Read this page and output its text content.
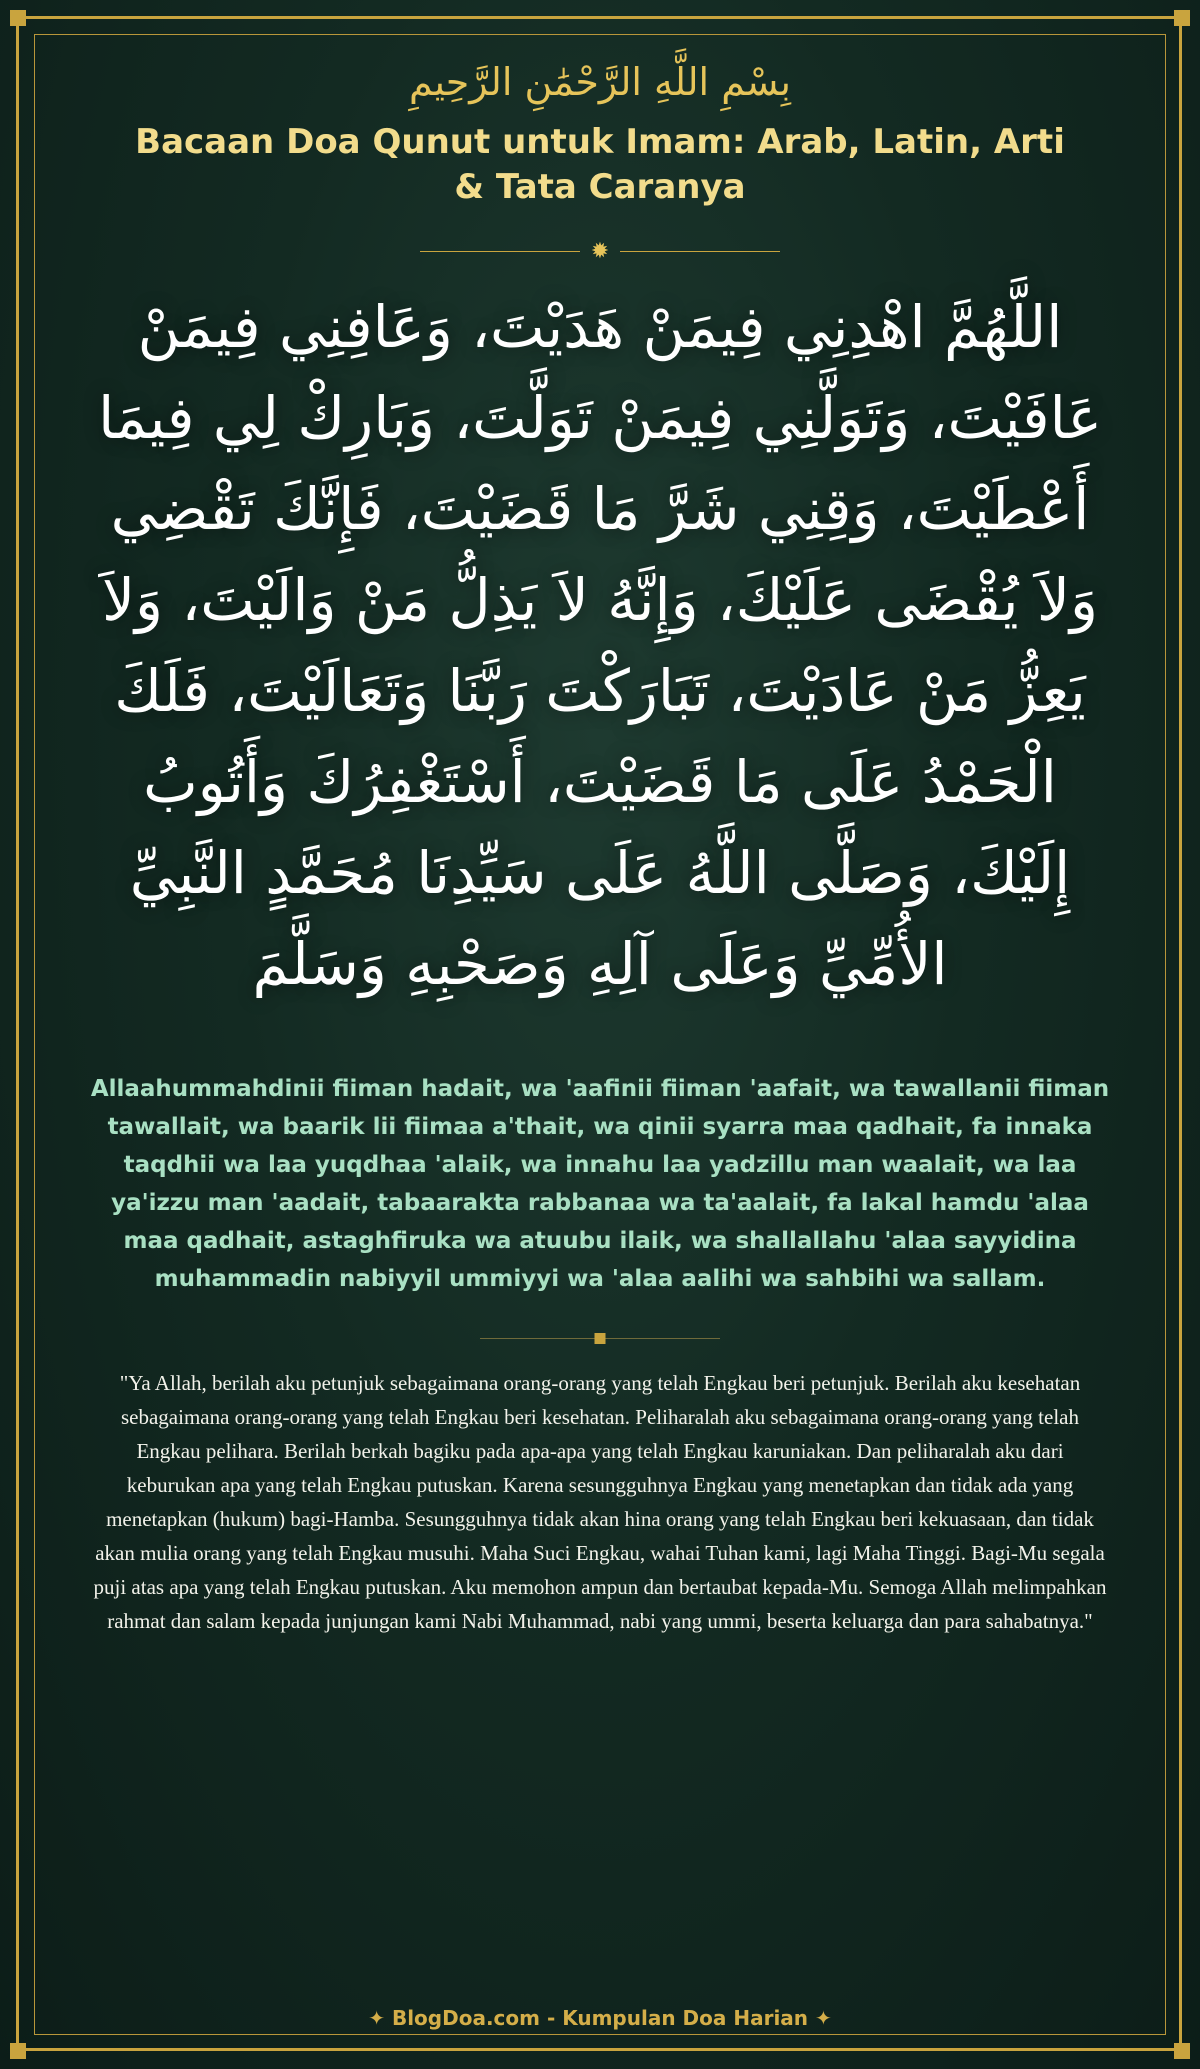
بِسْمِ اللَّهِ الرَّحْمَٰنِ الرَّحِيمِ

Bacaan Doa Qunut untuk Imam: Arab, Latin, Arti & Tata Caranya
✹
اللَّهُمَّ اهْدِنِي فِيمَنْ هَدَيْتَ، وَعَافِنِي فِيمَنْ عَافَيْتَ، وَتَوَلَّنِي فِيمَنْ تَوَلَّتَ، وَبَارِكْ لِي فِيمَا أَعْطَيْتَ، وَقِنِي شَرَّ مَا قَضَيْتَ، فَإِنَّكَ تَقْضِي وَلاَ يُقْضَى عَلَيْكَ، وَإِنَّهُ لاَ يَذِلُّ مَنْ وَالَيْتَ، وَلاَ يَعِزُّ مَنْ عَادَيْتَ، تَبَارَكْتَ رَبَّنَا وَتَعَالَيْتَ، فَلَكَ الْحَمْدُ عَلَى مَا قَضَيْتَ، أَسْتَغْفِرُكَ وَأَتُوبُ إِلَيْكَ، وَصَلَّى اللَّهُ عَلَى سَيِّدِنَا مُحَمَّدٍ النَّبِيِّ الأُمِّيِّ وَعَلَى آلِهِ وَصَحْبِهِ وَسَلَّمَ
Allaahummahdinii fiiman hadait, wa 'aafinii fiiman 'aafait, wa tawallanii fiiman tawallait, wa baarik lii fiimaa a'thait, wa qinii syarra maa qadhait, fa innaka taqdhii wa laa yuqdhaa 'alaik, wa innahu laa yadzillu man waalait, wa laa ya'izzu man 'aadait, tabaarakta rabbanaa wa ta'aalait, fa lakal hamdu 'alaa maa qadhait, astaghfiruka wa atuubu ilaik, wa shallallahu 'alaa sayyidina muhammadin nabiyyil ummiyyi wa 'alaa aalihi wa sahbihi wa sallam.
"Ya Allah, berilah aku petunjuk sebagaimana orang-orang yang telah Engkau beri petunjuk. Berilah aku kesehatan sebagaimana orang-orang yang telah Engkau beri kesehatan. Peliharalah aku sebagaimana orang-orang yang telah Engkau pelihara. Berilah berkah bagiku pada apa-apa yang telah Engkau karuniakan. Dan peliharalah aku dari keburukan apa yang telah Engkau putuskan. Karena sesungguhnya Engkau yang menetapkan dan tidak ada yang menetapkan (hukum) bagi-Hamba. Sesungguhnya tidak akan hina orang yang telah Engkau beri kekuasaan, dan tidak akan mulia orang yang telah Engkau musuhi. Maha Suci Engkau, wahai Tuhan kami, lagi Maha Tinggi. Bagi-Mu segala puji atas apa yang telah Engkau putuskan. Aku memohon ampun dan bertaubat kepada-Mu. Semoga Allah melimpahkan rahmat dan salam kepada junjungan kami Nabi Muhammad, nabi yang ummi, beserta keluarga dan para sahabatnya."
✦ BlogDoa.com - Kumpulan Doa Harian ✦
